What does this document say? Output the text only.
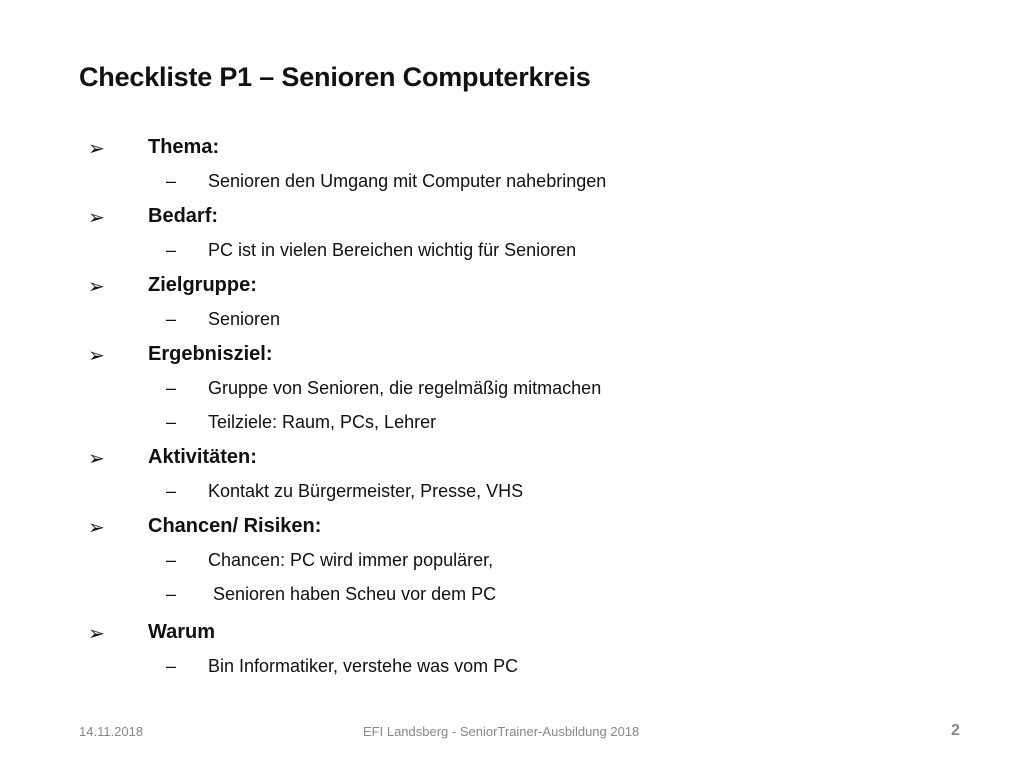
Checkliste P1 – Senioren Computerkreis
➢ Thema:
– Senioren den Umgang mit Computer nahebringen
➢ Bedarf:
– PC ist in vielen Bereichen wichtig für Senioren
➢ Zielgruppe:
– Senioren
➢ Ergebnisziel:
– Gruppe von Senioren, die regelmäßig mitmachen
– Teilziele: Raum, PCs, Lehrer
➢ Aktivitäten:
– Kontakt zu Bürgermeister, Presse, VHS
➢ Chancen/ Risiken:
– Chancen: PC wird immer populärer,
– Senioren haben Scheu vor dem PC
➢ Warum
– Bin Informatiker, verstehe was vom PC
14.11.2018	EFI Landsberg - SeniorTrainer-Ausbildung 2018	2
